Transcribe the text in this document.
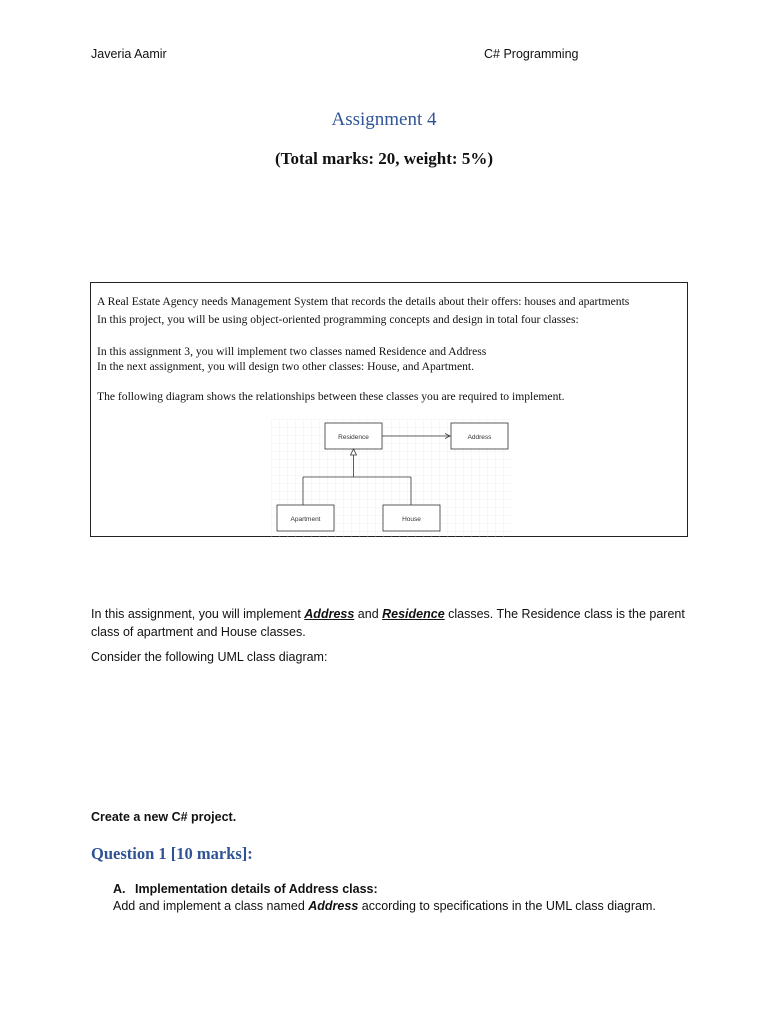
Javeria Aamir	C# Programming
Assignment 4
(Total marks: 20, weight: 5%)
A Real Estate Agency needs Management System that records the details about their offers: houses and apartments
In this project, you will be using object-oriented programming concepts and design in total four classes:
In this assignment 3, you will implement two classes named Residence and Address
In the next assignment, you will design two other classes: House, and Apartment.
The following diagram shows the relationships between these classes you are required to implement.
Residence	Address
Apartment	House
In this assignment, you will implement Address and Residence classes. The Residence class is the parent
class of apartment and House classes.
Consider the following UML class diagram:
Create a new C# project.
Question 1 [10 marks]:
A. Implementation details of Address class:
Add and implement a class named Address according to specifications in the UML class diagram.
